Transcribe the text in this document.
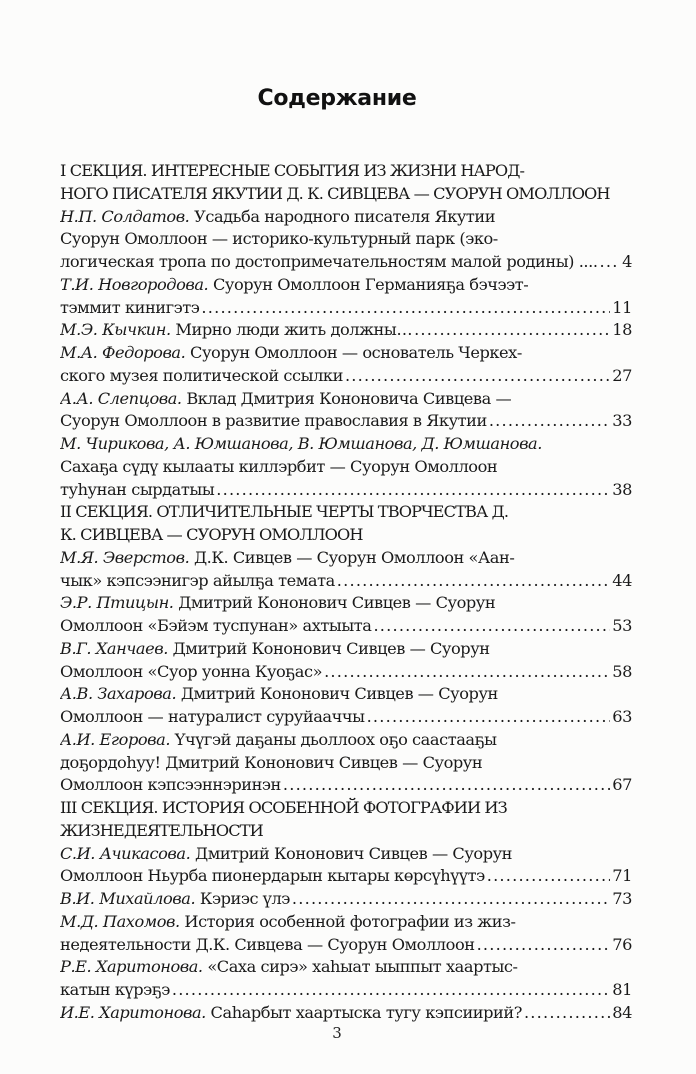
Содержание
I СЕКЦИЯ. ИНТЕРЕСНЫЕ СОБЫТИЯ ИЗ ЖИЗНИ НАРОД-
НОГО ПИСАТЕЛЯ ЯКУТИИ Д. К. СИВЦЕВА — СУОРУН ОМОЛЛООН
Н.П. Солдатов. Усадьба народного писателя Якутии
Суорун Омоллоон — историко-культурный парк (эко-
логическая тропа по достопримечательностям малой родины) .... ..... 4
Т.И. Новгородова. Суорун Омоллоон Германияҕа бэчээт-
тэммит кинигэтэ .....	11
М.Э. Кычкин. Мирно люди жить должны… .....	18
М.А. Федорова. Суорун Омоллоон — основатель Черкех-
ского музея политической ссылки .....	27
А.А. Слепцова. Вклад Дмитрия Кононовича Сивцева —
Суорун Омоллоон в развитие православия в Якутии .....	33
М. Чирикова, А. Юмшанова, В. Юмшанова, Д. Юмшанова.
Сахаҕа сүдү кылааты киллэрбит — Суорун Омоллоон
туһунан сырдатыы .....	38
II СЕКЦИЯ. ОТЛИЧИТЕЛЬНЫЕ ЧЕРТЫ ТВОРЧЕСТВА Д.
К. СИВЦЕВА — СУОРУН ОМОЛЛООН
М.Я. Эверстов. Д.К. Сивцев — Суорун Омоллоон «Аан-
чык» кэпсээнигэр айылҕа темата .....	44
Э.Р. Птицын. Дмитрий Кононович Сивцев — Суорун
Омоллоон «Бэйэм туспунан» ахтыыта .....	53
В.Г. Ханчаев. Дмитрий Кононович Сивцев — Суорун
Омоллоон «Суор уонна Куоҕас» .....	58
А.В. Захарова. Дмитрий Кононович Сивцев — Суорун
Омоллоон — натуралист суруйааччы .....	63
А.И. Егорова. Үчүгэй даҕаны дьоллоох оҕо саастааҕы
доҕордоһуу! Дмитрий Кононович Сивцев — Суорун
Омоллоон кэпсээннэринэн .....	67
III СЕКЦИЯ. ИСТОРИЯ ОСОБЕННОЙ ФОТОГРАФИИ ИЗ
ЖИЗНЕДЕЯТЕЛЬНОСТИ
С.И. Ачикасова. Дмитрий Кононович Сивцев — Суорун
Омоллоон Ньурба пионердарын кытары көрсүһүүтэ .....	71
В.И. Михайлова. Кэриэс үлэ .....	73
М.Д. Пахомов. История особенной фотографии из жиз-
недеятельности Д.К. Сивцева — Суорун Омоллоон .....	76
Р.Е. Харитонова. «Саха сирэ» хаһыат ыыппыт хаартыс-
катын күрэҕэ .....	81
И.Е. Харитонова. Саһарбыт хаартыска тугу кэпсиирий? .....	84
3
